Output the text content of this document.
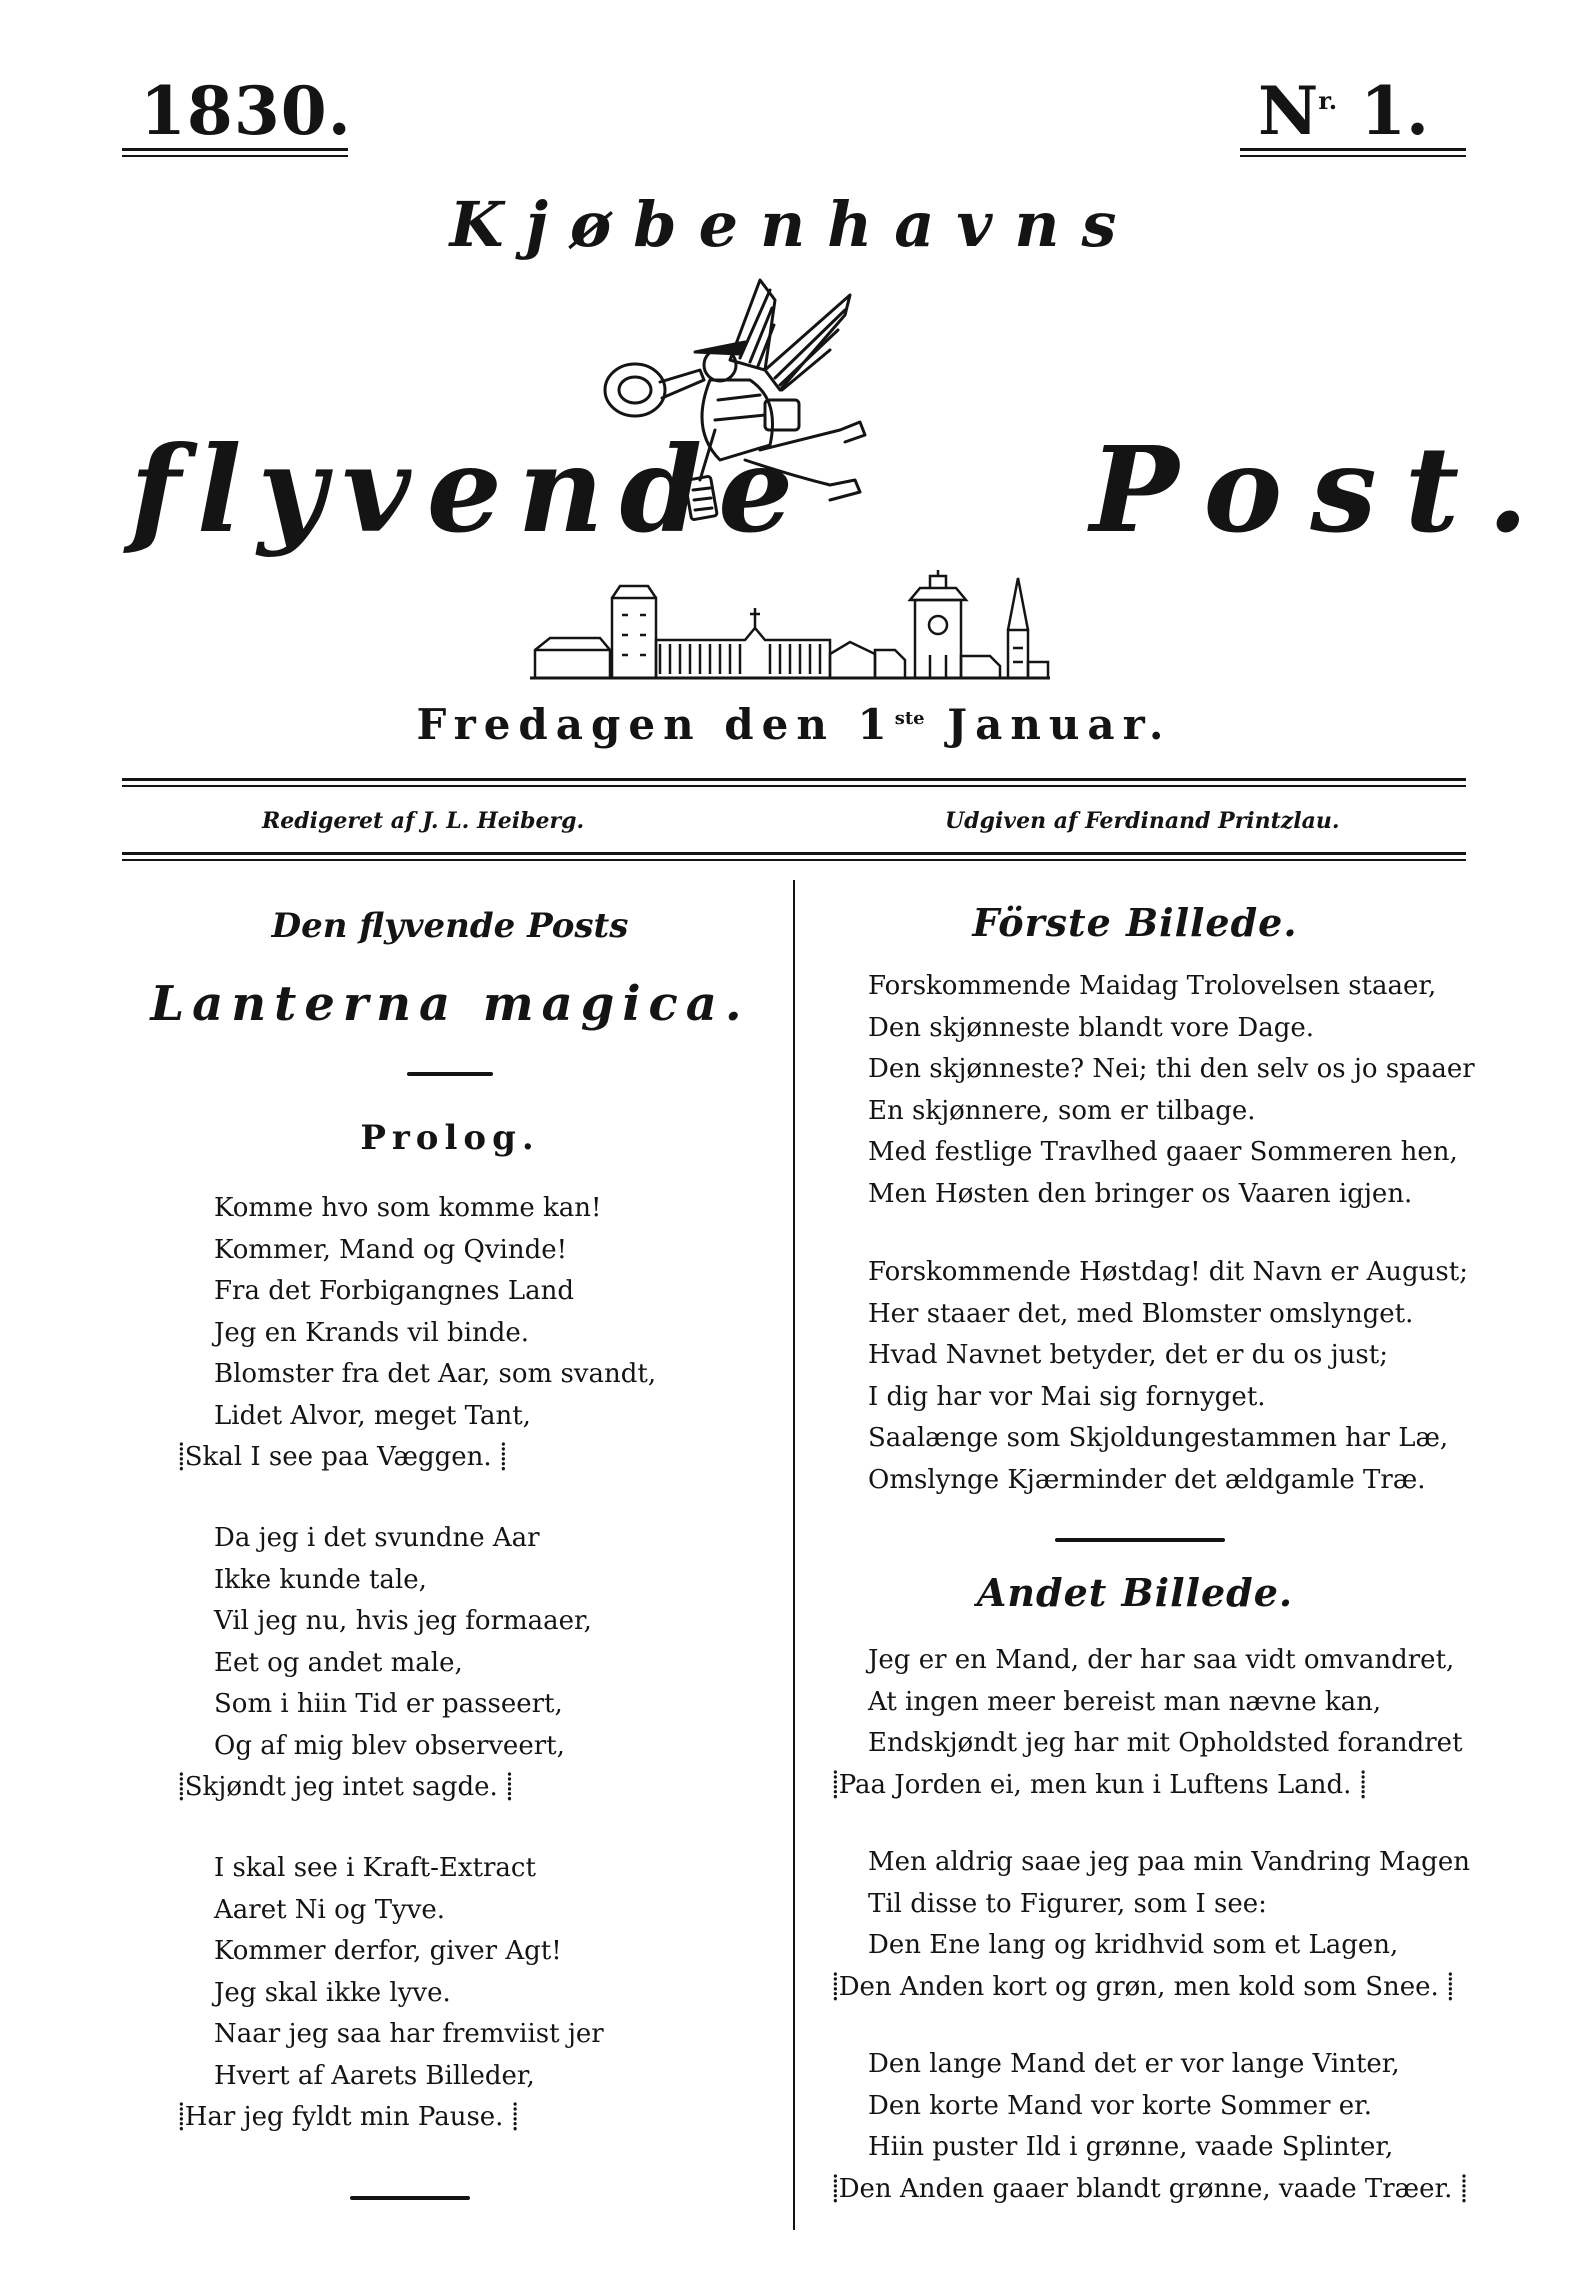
1830.	$N^{r.}$ 1.
Kjøbenhavns
flyvende Post.
Fredagen den 1ste Januar.
Redigeret af J. L. Heiberg.	Udgiven af Ferdinand Printzlau.
Den flyvende Posts
Lanterna magica.
Prolog.
Komme hvo som komme kan!
Kommer, Mand og Qvinde!
Fra det Forbigangnes Land
Jeg en Krands vil binde.
Blomster fra det Aar, som svandt,
Lidet Alvor, meget Tant,
⸽ Skal I see paa Væggen. ⸽
Da jeg i det svundne Aar
Ikke kunde tale,
Vil jeg nu, hvis jeg formaaer,
Eet og andet male,
Som i hiin Tid er passeert,
Og af mig blev observeert,
⸽ Skjøndt jeg intet sagde. ⸽
I skal see i Kraft-Extract
Aaret Ni og Tyve.
Kommer derfor, giver Agt!
Jeg skal ikke lyve.
Naar jeg saa har fremviist jer
Hvert af Aarets Billeder,
⸽ Har jeg fyldt min Pause. ⸽
Förste Billede.
Forskommende Maidag Trolovelsen staaer,
Den skjønneste blandt vore Dage.
Den skjønneste? Nei; thi den selv os jo spaaer
En skjønnere, som er tilbage.
Med festlige Travlhed gaaer Sommeren hen,
Men Høsten den bringer os Vaaren igjen.
Forskommende Høstdag! dit Navn er August;
Her staaer det, med Blomster omslynget.
Hvad Navnet betyder, det er du os just;
I dig har vor Mai sig fornyget.
Saalænge som Skjoldungestammen har Læ,
Omslynge Kjærminder det ældgamle Træ.
Andet Billede.
Jeg er en Mand, der har saa vidt omvandret,
At ingen meer bereist man nævne kan,
Endskjøndt jeg har mit Opholdsted forandret
⸽ Paa Jorden ei, men kun i Luftens Land. ⸽
Men aldrig saae jeg paa min Vandring Magen
Til disse to Figurer, som I see:
Den Ene lang og kridhvid som et Lagen,
⸽ Den Anden kort og grøn, men kold som Snee. ⸽
Den lange Mand det er vor lange Vinter,
Den korte Mand vor korte Sommer er.
Hiin puster Ild i grønne, vaade Splinter,
⸽ Den Anden gaaer blandt grønne, vaade Træer. ⸽
